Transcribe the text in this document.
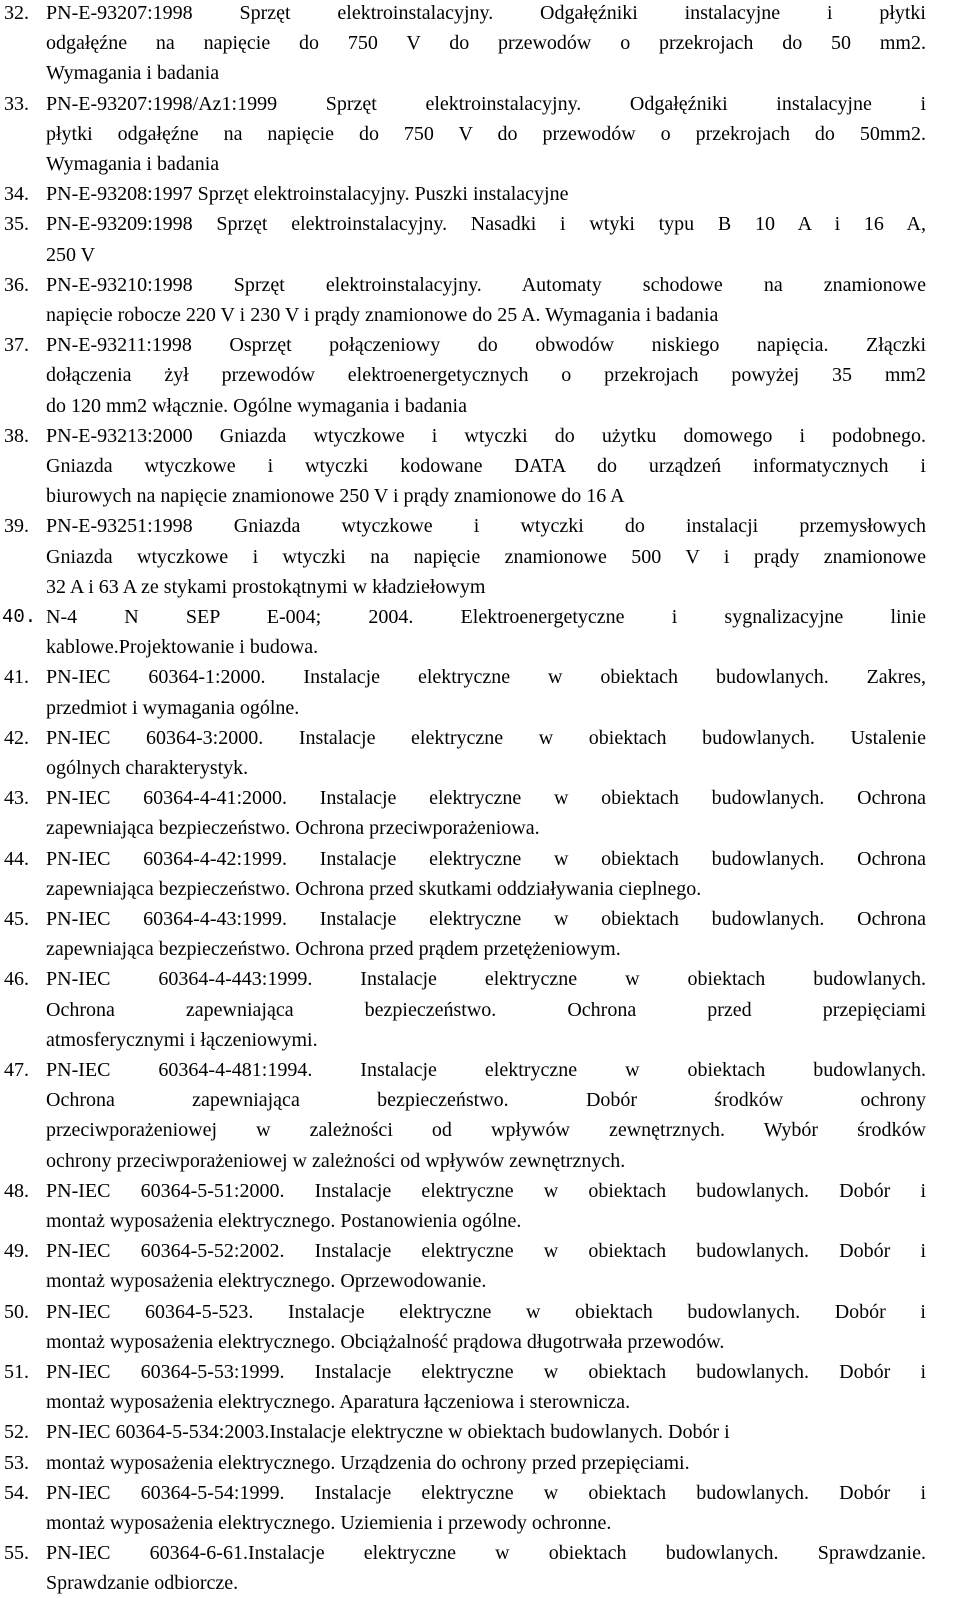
32. PN-E-93207:1998 Sprzęt elektroinstalacyjny. Odgałęźniki instalacyjne i płytki
odgałęźne na napięcie do 750 V do przewodów o przekrojach do 50 mm2.
Wymagania i badania
33. PN-E-93207:1998/Az1:1999 Sprzęt elektroinstalacyjny. Odgałęźniki instalacyjne i
płytki odgałęźne na napięcie do 750 V do przewodów o przekrojach do 50mm2.
Wymagania i badania
34. PN-E-93208:1997 Sprzęt elektroinstalacyjny. Puszki instalacyjne
35. PN-E-93209:1998 Sprzęt elektroinstalacyjny. Nasadki i wtyki typu B 10 A i 16 A,
250 V
36. PN-E-93210:1998 Sprzęt elektroinstalacyjny. Automaty schodowe na znamionowe
napięcie robocze 220 V i 230 V i prądy znamionowe do 25 A. Wymagania i badania
37. PN-E-93211:1998 Osprzęt połączeniowy do obwodów niskiego napięcia. Złączki
dołączenia żył przewodów elektroenergetycznych o przekrojach powyżej 35 mm2
do 120 mm2 włącznie. Ogólne wymagania i badania
38. PN-E-93213:2000 Gniazda wtyczkowe i wtyczki do użytku domowego i podobnego.
Gniazda wtyczkowe i wtyczki kodowane DATA do urządzeń informatycznych i
biurowych na napięcie znamionowe 250 V i prądy znamionowe do 16 A
39. PN-E-93251:1998 Gniazda wtyczkowe i wtyczki do instalacji przemysłowych
Gniazda wtyczkowe i wtyczki na napięcie znamionowe 500 V i prądy znamionowe
32 A i 63 A ze stykami prostokątnymi w kładziełowym
40. N-4 N SEP E-004; 2004. Elektroenergetyczne i sygnalizacyjne linie
kablowe.Projektowanie i budowa.
41. PN-IEC 60364-1:2000. Instalacje elektryczne w obiektach budowlanych. Zakres,
przedmiot i wymagania ogólne.
42. PN-IEC 60364-3:2000. Instalacje elektryczne w obiektach budowlanych. Ustalenie
ogólnych charakterystyk.
43. PN-IEC 60364-4-41:2000. Instalacje elektryczne w obiektach budowlanych. Ochrona
zapewniająca bezpieczeństwo. Ochrona przeciwporażeniowa.
44. PN-IEC 60364-4-42:1999. Instalacje elektryczne w obiektach budowlanych. Ochrona
zapewniająca bezpieczeństwo. Ochrona przed skutkami oddziaływania cieplnego.
45. PN-IEC 60364-4-43:1999. Instalacje elektryczne w obiektach budowlanych. Ochrona
zapewniająca bezpieczeństwo. Ochrona przed prądem przetężeniowym.
46. PN-IEC 60364-4-443:1999. Instalacje elektryczne w obiektach budowlanych.
Ochrona zapewniająca bezpieczeństwo. Ochrona przed przepięciami
atmosferycznymi i łączeniowymi.
47. PN-IEC 60364-4-481:1994. Instalacje elektryczne w obiektach budowlanych.
Ochrona zapewniająca bezpieczeństwo. Dobór środków ochrony
przeciwporażeniowej w zależności od wpływów zewnętrznych. Wybór środków
ochrony przeciwporażeniowej w zależności od wpływów zewnętrznych.
48. PN-IEC 60364-5-51:2000. Instalacje elektryczne w obiektach budowlanych. Dobór i
montaż wyposażenia elektrycznego. Postanowienia ogólne.
49. PN-IEC 60364-5-52:2002. Instalacje elektryczne w obiektach budowlanych. Dobór i
montaż wyposażenia elektrycznego. Oprzewodowanie.
50. PN-IEC 60364-5-523. Instalacje elektryczne w obiektach budowlanych. Dobór i
montaż wyposażenia elektrycznego. Obciążalność prądowa długotrwała przewodów.
51. PN-IEC 60364-5-53:1999. Instalacje elektryczne w obiektach budowlanych. Dobór i
montaż wyposażenia elektrycznego. Aparatura łączeniowa i sterownicza.
52. PN-IEC 60364-5-534:2003.Instalacje elektryczne w obiektach budowlanych. Dobór i
53. montaż wyposażenia elektrycznego. Urządzenia do ochrony przed przepięciami.
54. PN-IEC 60364-5-54:1999. Instalacje elektryczne w obiektach budowlanych. Dobór i
montaż wyposażenia elektrycznego. Uziemienia i przewody ochronne.
55. PN-IEC 60364-6-61.Instalacje elektryczne w obiektach budowlanych. Sprawdzanie.
Sprawdzanie odbiorcze.
